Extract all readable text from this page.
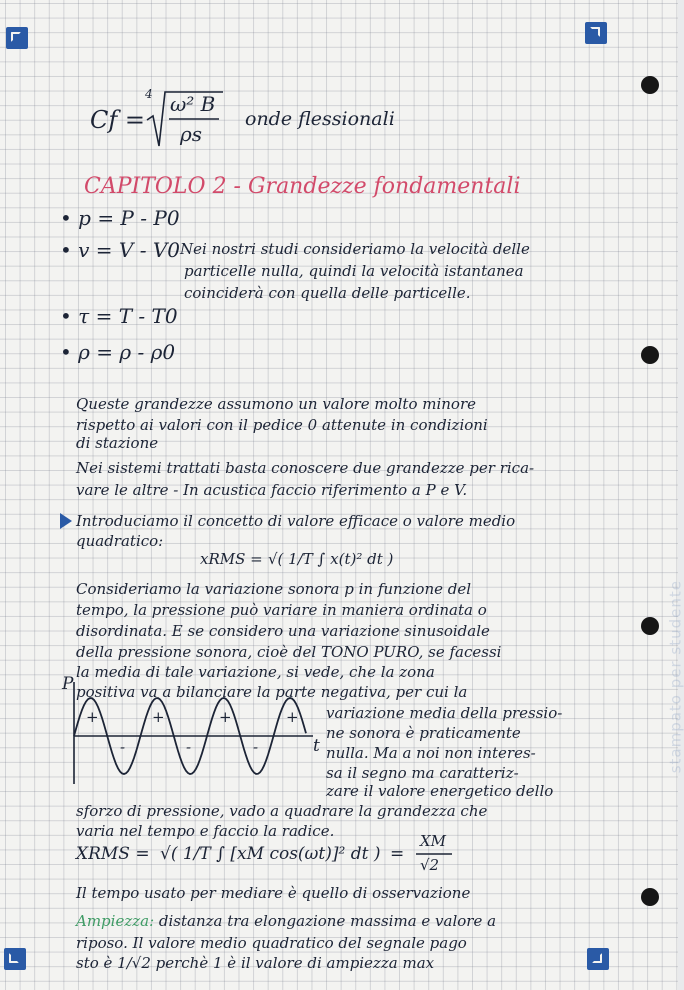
stampato per studente
Cf =
4 ω² B
ρs
onde flessionali
CAPITOLO 2 - Grandezze fondamentali
• p = P - P0
• v = V - V0 Nei nostri studi consideriamo la velocità delle
particelle nulla, quindi la velocità istantanea
coinciderà con quella delle particelle.
• τ = T - T0
• ρ = ρ - ρ0
Queste grandezze assumono un valore molto minore
rispetto ai valori con il pedice 0 attenute in condizioni
di stazione
Nei sistemi trattati basta conoscere due grandezze per rica-
vare le altre - In acustica faccio riferimento a P e V.
Introduciamo il concetto di valore efficace o valore medio
quadratico:
xRMS = √( 1/T ∫ x(t)² dt )
Consideriamo la variazione sonora p in funzione del
tempo, la pressione può variare in maniera ordinata o
disordinata. E se considero una variazione sinusoidale
della pressione sonora, cioè del TONO PURO, se facessi
la media di tale variazione, si vede, che la zona
positiva va a bilanciare la parte negativa, per cui la
P
t
+	+	+	+
-	-	-
variazione media della pressio-
ne sonora è praticamente
nulla. Ma a noi non interes-
sa il segno ma caratteriz-
zare il valore energetico dello
sforzo di pressione, vado a quadrare la grandezza che
varia nel tempo e faccio la radice.
XRMS = √( 1/T ∫ [xM cos(ωt)]² dt ) =
XM
√2
Il tempo usato per mediare è quello di osservazione
Ampiezza: distanza tra elongazione massima e valore a
riposo. Il valore medio quadratico del segnale pago
sto è 1/√2 perchè 1 è il valore di ampiezza max
